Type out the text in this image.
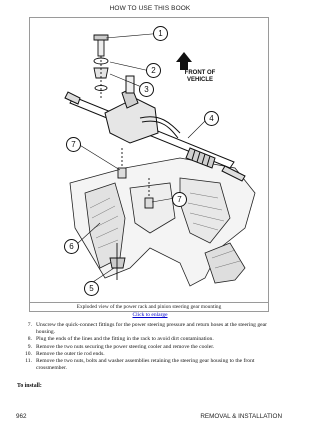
HOW TO USE THIS BOOK
1
2
3
4
7
7
6
5
FRONT OF
VEHICLE
Exploded view of the power rack and pinion steering gear mounting
Click to enlarge
7. Unscrew the quick-connect fittings for the power steering pressure and return hoses at the steering gear housing.
8. Plug the ends of the lines and the fitting in the rack to avoid dirt contamination.
9. Remove the two nuts securing the power steering cooler and remove the cooler.
10. Remove the outer tie rod ends.
11. Remove the two nuts, bolts and washer assemblies retaining the steering gear housing to the front crossmember.
To install:
962	REMOVAL & INSTALLATION
